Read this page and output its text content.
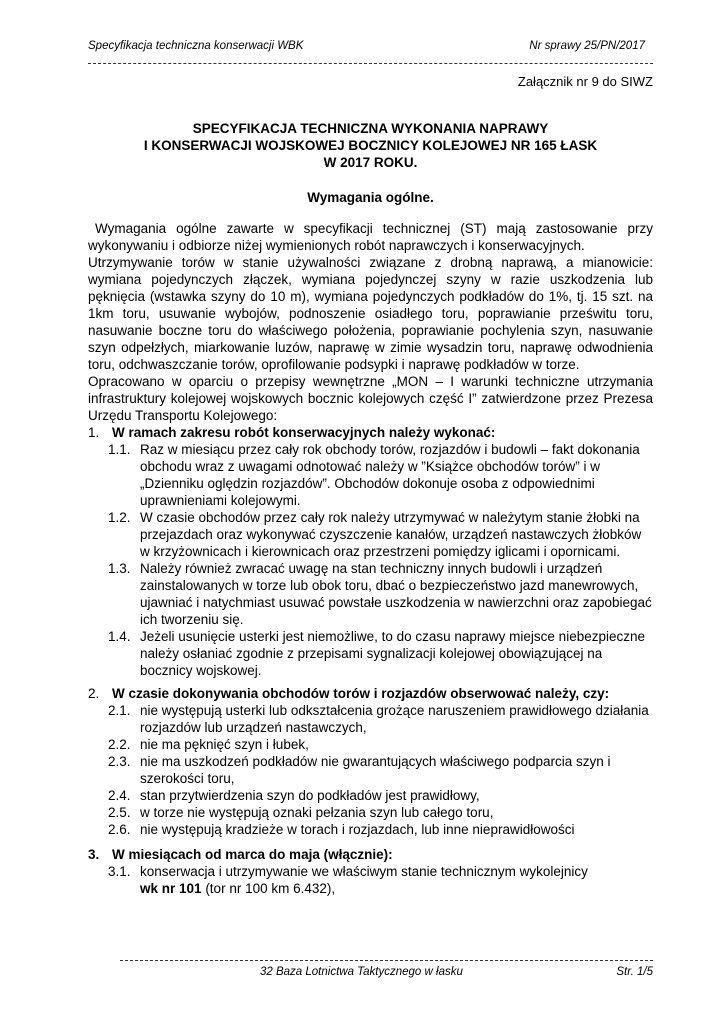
Specyfikacja techniczna konserwacji WBK	Nr sprawy 25/PN/2017
Załącznik nr 9 do SIWZ
SPECYFIKACJA TECHNICZNA WYKONANIA NAPRAWY
I KONSERWACJI WOJSKOWEJ BOCZNICY KOLEJOWEJ NR 165 ŁASK
W 2017 ROKU.
Wymagania ogólne.

Wymagania ogólne zawarte w specyfikacji technicznej (ST) mają zastosowanie przy wykonywaniu i odbiorze niżej wymienionych robót naprawczych i konserwacyjnych.

Utrzymywanie torów w stanie używalności związane z drobną naprawą, a mianowicie: wymiana pojedynczych złączek, wymiana pojedynczej szyny w razie uszkodzenia lub pęknięcia (wstawka szyny do 10 m), wymiana pojedynczych podkładów do 1%, tj. 15 szt. na 1km toru, usuwanie wybojów, podnoszenie osiadłego toru, poprawianie prześwitu toru, nasuwanie boczne toru do właściwego położenia, poprawianie pochylenia szyn, nasuwanie szyn odpełzłych, miarkowanie luzów, naprawę w zimie wysadzin toru, naprawę odwodnienia toru, odchwaszczanie torów, oprofilowanie podsypki i naprawę podkładów w torze.

Opracowano w oparciu o przepisy wewnętrzne „MON – I warunki techniczne utrzymania infrastruktury kolejowej wojskowych bocznic kolejowych część I” zatwierdzone przez Prezesa Urzędu Transportu Kolejowego:

1. W ramach zakresu robót konserwacyjnych należy wykonać:

1.1. Raz w miesiącu przez cały rok obchody torów, rozjazdów i budowli – fakt dokonania obchodu wraz z uwagami odnotować należy w ”Książce obchodów torów” i w „Dzienniku oględzin rozjazdów”. Obchodów dokonuje osoba z odpowiednimi uprawnieniami kolejowymi.
1.2. W czasie obchodów przez cały rok należy utrzymywać w należytym stanie żłobki na przejazdach oraz wykonywać czyszczenie kanałów, urządzeń nastawczych żłobków w krzyżownicach i kierownicach oraz przestrzeni pomiędzy iglicami i opornicami.
1.3. Należy również zwracać uwagę na stan techniczny innych budowli i urządzeń zainstalowanych w torze lub obok toru, dbać o bezpieczeństwo jazd manewrowych, ujawniać i natychmiast usuwać powstałe uszkodzenia w nawierzchni oraz zapobiegać ich tworzeniu się.
1.4. Jeżeli usunięcie usterki jest niemożliwe, to do czasu naprawy miejsce niebezpieczne należy osłaniać zgodnie z przepisami sygnalizacji kolejowej obowiązującej na bocznicy wojskowej.

2. W czasie dokonywania obchodów torów i rozjazdów obserwować należy, czy:

2.1. nie występują usterki lub odkształcenia grożące naruszeniem prawidłowego działania rozjazdów lub urządzeń nastawczych,
2.2. nie ma pęknięć szyn i łubek,
2.3. nie ma uszkodzeń podkładów nie gwarantujących właściwego podparcia szyn i szerokości toru,
2.4. stan przytwierdzenia szyn do podkładów jest prawidłowy,
2.5. w torze nie występują oznaki pełzania szyn lub całego toru,
2.6. nie występują kradzieże w torach i rozjazdach, lub inne nieprawidłowości

3. W miesiącach od marca do maja (włącznie):

3.1. konserwacja i utrzymywanie we właściwym stanie technicznym wykolejnicy
wk nr 101 (tor nr 100 km 6.432),
32 Baza Lotnictwa Taktycznego w łasku	Str. 1/5
